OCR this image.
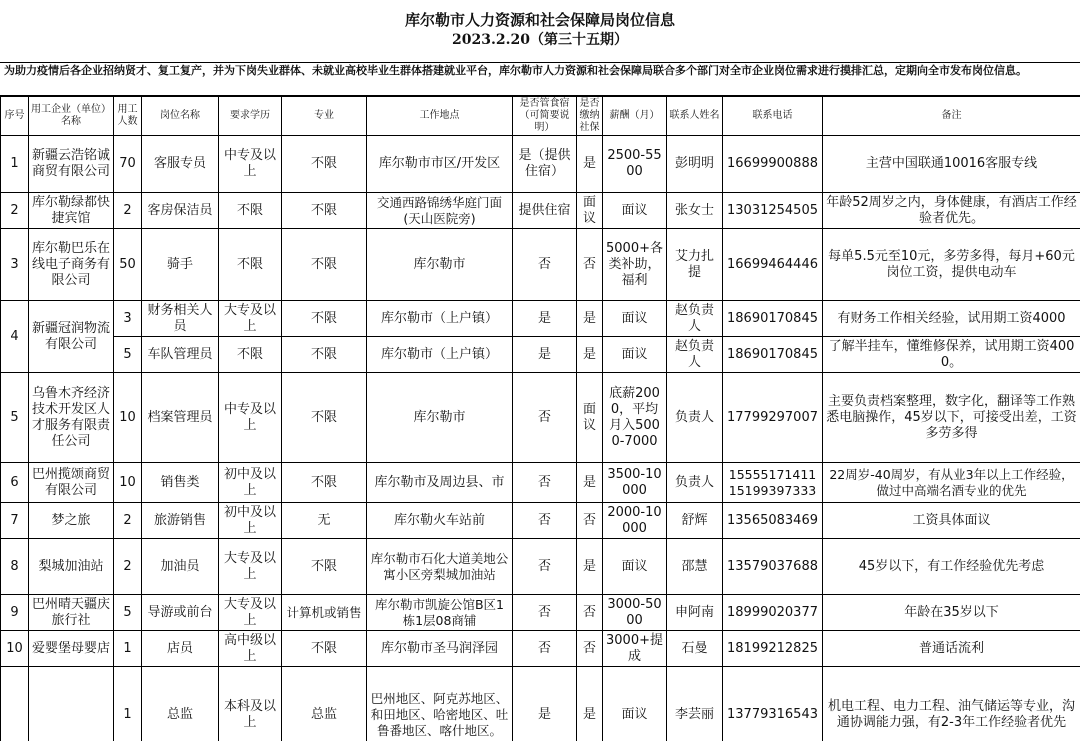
库尔勒市人力资源和社会保障局岗位信息
2023.2.20（第三十五期）
为助力疫情后各企业招纳贤才、复工复产，并为下岗失业群体、未就业高校毕业生群体搭建就业平台，库尔勒市人力资源和社会保障局联合多个部门对全市企业岗位需求进行摸排汇总，定期向全市发布岗位信息。
序号	用工企业（单位）名称	用工人数	岗位名称	要求学历	专业	工作地点	是否管食宿（可简要说明）	是否缴纳社保	薪酬（月）	联系人姓名	联系电话	备注
1	新疆云浩铭诚商贸有限公司	70	客服专员	中专及以上	不限	库尔勒市市区/开发区	是（提供住宿）	是	2500-5500	彭明明	16699900888	主营中国联通10016客服专线
2	库尔勒绿都快捷宾馆	2	客房保洁员	不限	不限	交通西路锦绣华庭门面(天山医院旁)	提供住宿	面议	面议	张女士	13031254505	年龄52周岁之内，身体健康，有酒店工作经验者优先。
3	库尔勒巴乐在线电子商务有限公司	50	骑手	不限	不限	库尔勒市	否	否	5000+各类补助，福利	艾力扎提	16699464446	每单5.5元至10元，多劳多得，每月+60元岗位工资，提供电动车
4	新疆冠润物流有限公司	3	财务相关人员	大专及以上	不限	库尔勒市（上户镇）	是	是	面议	赵负责人	18690170845	有财务工作相关经验，试用期工资4000
		5	车队管理员	不限	不限	库尔勒市（上户镇）	是	是	面议	赵负责人	18690170845	了解半挂车，懂维修保养，试用期工资4000。
5	乌鲁木齐经济技术开发区人才服务有限责任公司	10	档案管理员	中专及以上	不限	库尔勒市	否	面议	底薪2000，平均月入5000-7000	负责人	17799297007	主要负责档案整理，数字化，翻译等工作熟悉电脑操作，45岁以下，可接受出差，工资多劳多得
6	巴州揽颂商贸有限公司	10	销售类	初中及以上	不限	库尔勒市及周边县、市	否	是	3500-10000	负责人	15555171411 15199397333	22周岁-40周岁，有从业3年以上工作经验，做过中高端名酒专业的优先
7	梦之旅	2	旅游销售	初中及以上	无	库尔勒火车站前	否	否	2000-10000	舒辉	13565083469	工资具体面议
8	梨城加油站	2	加油员	大专及以上	不限	库尔勒市石化大道美地公寓小区旁梨城加油站	否	是	面议	邵慧	13579037688	45岁以下，有工作经验优先考虑
9	巴州晴天疆庆旅行社	5	导游或前台	大专及以上	计算机或销售	库尔勒市凯旋公馆B区1栋1层08商铺	否	否	3000-5000	申阿南	18999020377	年龄在35岁以下
10	爱婴堡母婴店	1	店员	高中级以上	不限	库尔勒市圣马润泽园	否	否	3000+提成	石曼	18199212825	普通话流利
		1	总监	本科及以上	总监	巴州地区、阿克苏地区、和田地区、哈密地区、吐鲁番地区、喀什地区。	是	是	面议	李芸丽	13779316543	机电工程、电力工程、油气储运等专业，沟通协调能力强，有2-3年工作经验者优先
